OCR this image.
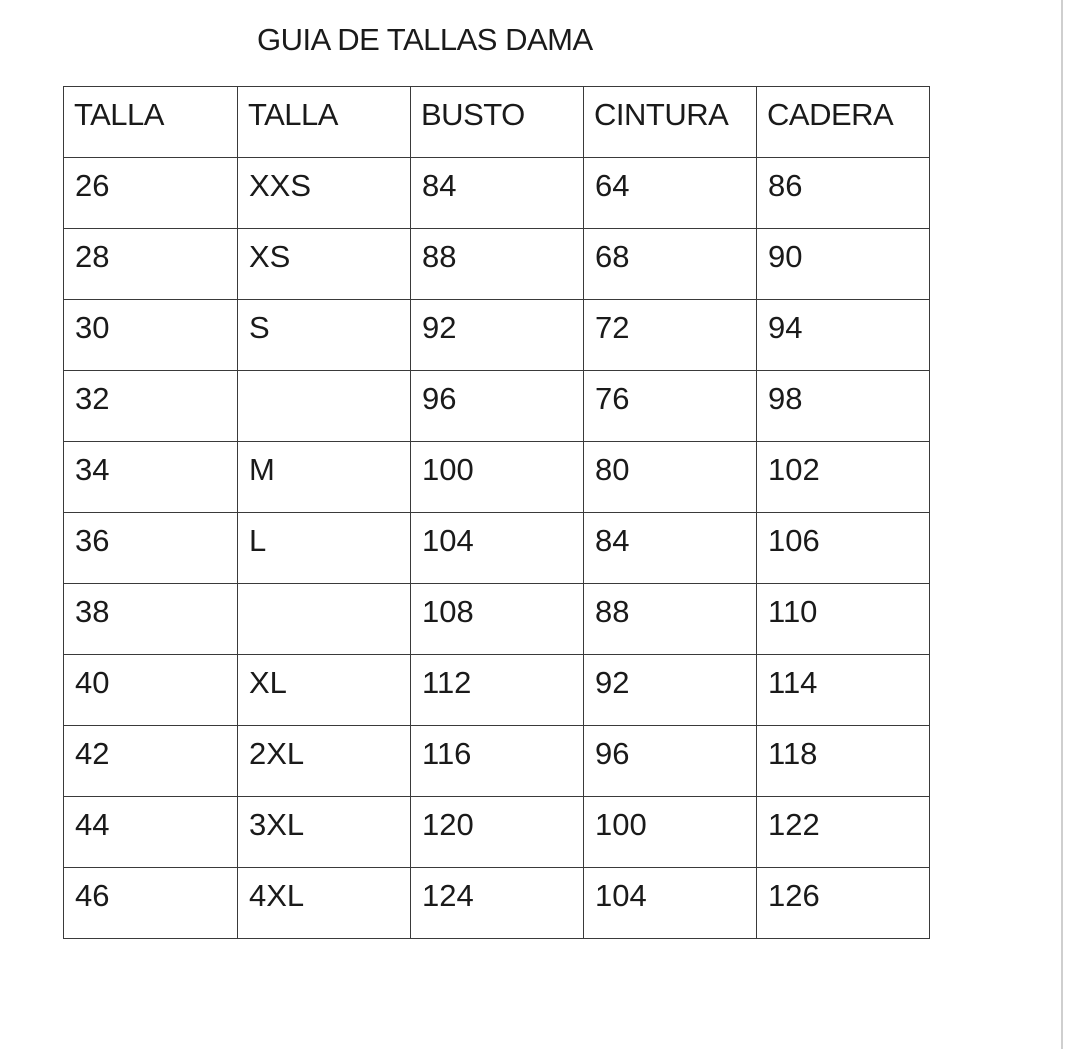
GUIA DE TALLAS DAMA
TALLA	TALLA	BUSTO	CINTURA	CADERA
26	XXS	84	64	86
28	XS	88	68	90
30	S	92	72	94
32		96	76	98
34	M	100	80	102
36	L	104	84	106
38		108	88	110
40	XL	112	92	114
42	2XL	116	96	118
44	3XL	120	100	122
46	4XL	124	104	126
